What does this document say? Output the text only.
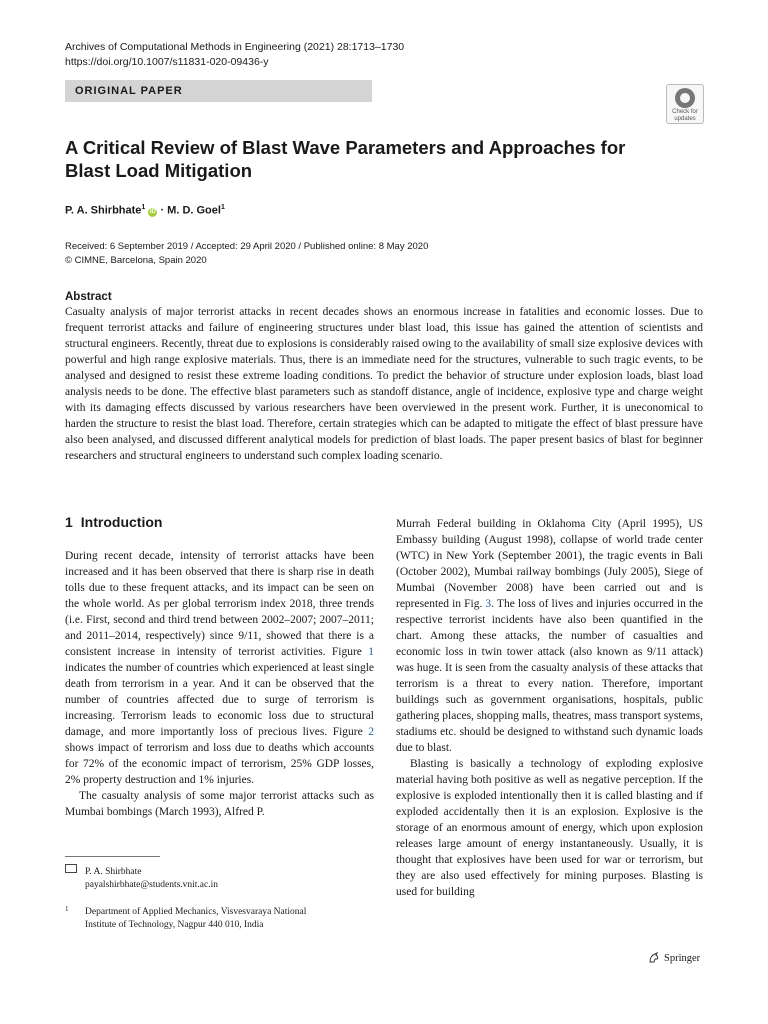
Archives of Computational Methods in Engineering (2021) 28:1713–1730
https://doi.org/10.1007/s11831-020-09436-y
ORIGINAL PAPER
Check for
updates
A Critical Review of Blast Wave Parameters and Approaches for Blast Load Mitigation
P. A. Shirbhate$^1$ iD · M. D. Goel$^1$
Received: 6 September 2019 / Accepted: 29 April 2020 / Published online: 8 May 2020
© CIMNE, Barcelona, Spain 2020
Abstract

Casualty analysis of major terrorist attacks in recent decades shows an enormous increase in fatalities and economic losses. Due to frequent terrorist attacks and failure of engineering structures under blast load, this issue has gained the attention of scientists and structural engineers. Recently, threat due to explosions is considerably raised owing to the availability of small size explosive devices with powerful and high range explosive materials. Thus, there is an immediate need for the structures, vulnerable to such tragic events, to be analysed and designed to resist these extreme loading conditions. To predict the behavior of structure under explosion loads, blast load analysis needs to be done. The effective blast parameters such as standoff distance, angle of incidence, explosive type and charge weight with its damaging effects discussed by various researchers have been overviewed in the present work. Further, it is uneconomical to harden the structure to resist the blast load. Therefore, certain strategies which can be adapted to mitigate the effect of blast pressure have also been analysed, and discussed different analytical models for prediction of blast loads. The paper present basics of blast for beginner researchers and structural engineers to understand such complex loading scenario.

1 Introduction

During recent decade, intensity of terrorist attacks have been increased and it has been observed that there is sharp rise in death tolls due to these frequent attacks, and its impact can be seen on the whole world. As per global terrorism index 2018, three trends (i.e. First, second and third trend between 2002–2007; 2007–2011; and 2011–2014, respectively) since 9/11, showed that there is a consistent increase in intensity of terrorist activities. Figure 1 indicates the number of countries which experienced at least single death from terrorism in a year. And it can be observed that the number of countries affected due to surge of terrorism is increasing. Terrorism leads to economic loss due to structural damage, and more importantly loss of precious lives. Figure 2 shows impact of terrorism and loss due to deaths which accounts for 72% of the economic impact of terrorism, 25% GDP losses, 2% property destruction and 1% injuries.

The casualty analysis of some major terrorist attacks such as Mumbai bombings (March 1993), Alfred P.

Murrah Federal building in Oklahoma City (April 1995), US Embassy building (August 1998), collapse of world trade center (WTC) in New York (September 2001), the tragic events in Bali (October 2002), Mumbai railway bombings (July 2005), Siege of Mumbai (November 2008) have been carried out and is represented in Fig. 3. The loss of lives and injuries occurred in the respective terrorist incidents have also been quantified in the chart. Among these attacks, the number of casualties and economic loss in twin tower attack (also known as 9/11 attack) was huge. It is seen from the casualty analysis of these attacks that terrorism is a threat to every nation. Therefore, important buildings such as government organisations, hospitals, public gathering places, shopping malls, theatres, mass transport systems, stadiums etc. should be designed to withstand such dynamic loads due to blast.

Blasting is basically a technology of exploding explosive material having both positive as well as negative perception. If the explosive is exploded intentionally then it is called blasting and if exploded accidentally then it is an explosion. Explosive is the storage of an enormous amount of energy, which upon explosion releases large amount of energy instantaneously. Usually, it is thought that explosives have been used for war or terrorism, but they are also used effectively for mining purposes. Blasting is used for building

P. A. Shirbhate
payalshirbhate@students.vnit.ac.in
1 Department of Applied Mechanics, Visvesvaraya National
Institute of Technology, Nagpur 440 010, India
Springer
